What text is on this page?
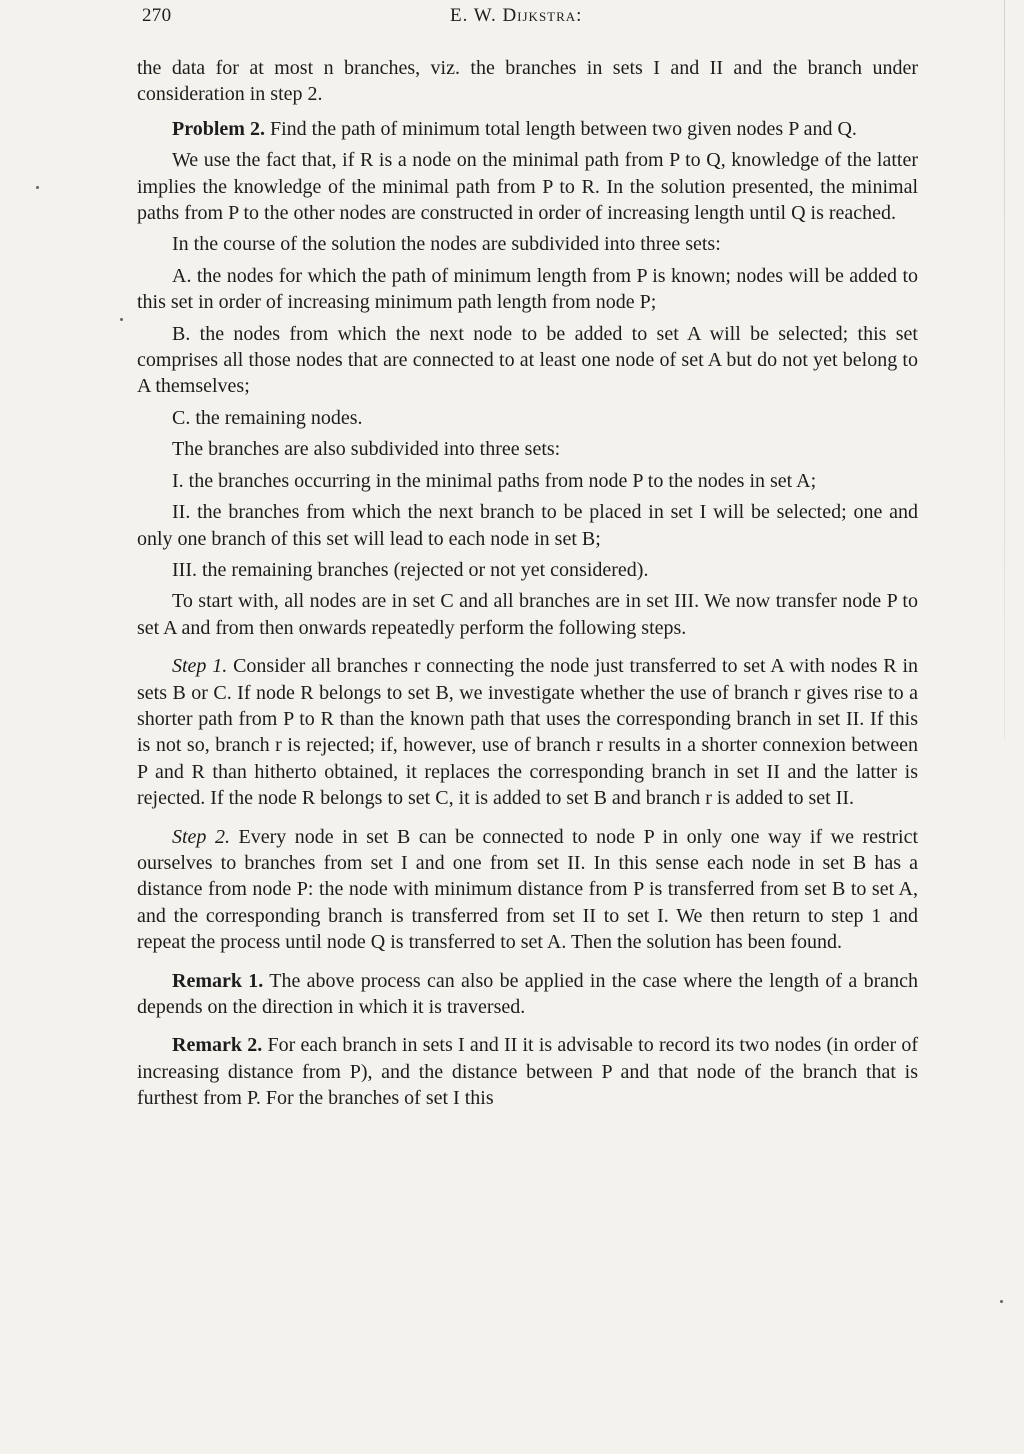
270	E. W. Dijkstra:

the data for at most n branches, viz. the branches in sets I and II and the branch under consideration in step 2.

Problem 2. Find the path of minimum total length between two given nodes P and Q.

We use the fact that, if R is a node on the minimal path from P to Q, knowledge of the latter implies the knowledge of the minimal path from P to R. In the solution presented, the minimal paths from P to the other nodes are constructed in order of increasing length until Q is reached.

In the course of the solution the nodes are subdivided into three sets:

A. the nodes for which the path of minimum length from P is known; nodes will be added to this set in order of increasing minimum path length from node P;

B. the nodes from which the next node to be added to set A will be selected; this set comprises all those nodes that are connected to at least one node of set A but do not yet belong to A themselves;

C. the remaining nodes.

The branches are also subdivided into three sets:

I. the branches occurring in the minimal paths from node P to the nodes in set A;

II. the branches from which the next branch to be placed in set I will be selected; one and only one branch of this set will lead to each node in set B;

III. the remaining branches (rejected or not yet considered).

To start with, all nodes are in set C and all branches are in set III. We now transfer node P to set A and from then onwards repeatedly perform the following steps.

Step 1. Consider all branches r connecting the node just transferred to set A with nodes R in sets B or C. If node R belongs to set B, we investigate whether the use of branch r gives rise to a shorter path from P to R than the known path that uses the corresponding branch in set II. If this is not so, branch r is rejected; if, however, use of branch r results in a shorter connexion between P and R than hitherto obtained, it replaces the corresponding branch in set II and the latter is rejected. If the node R belongs to set C, it is added to set B and branch r is added to set II.

Step 2. Every node in set B can be connected to node P in only one way if we restrict ourselves to branches from set I and one from set II. In this sense each node in set B has a distance from node P: the node with minimum distance from P is transferred from set B to set A, and the corresponding branch is transferred from set II to set I. We then return to step 1 and repeat the process until node Q is transferred to set A. Then the solution has been found.

Remark 1. The above process can also be applied in the case where the length of a branch depends on the direction in which it is traversed.

Remark 2. For each branch in sets I and II it is advisable to record its two nodes (in order of increasing distance from P), and the distance between P and that node of the branch that is furthest from P. For the branches of set I this
